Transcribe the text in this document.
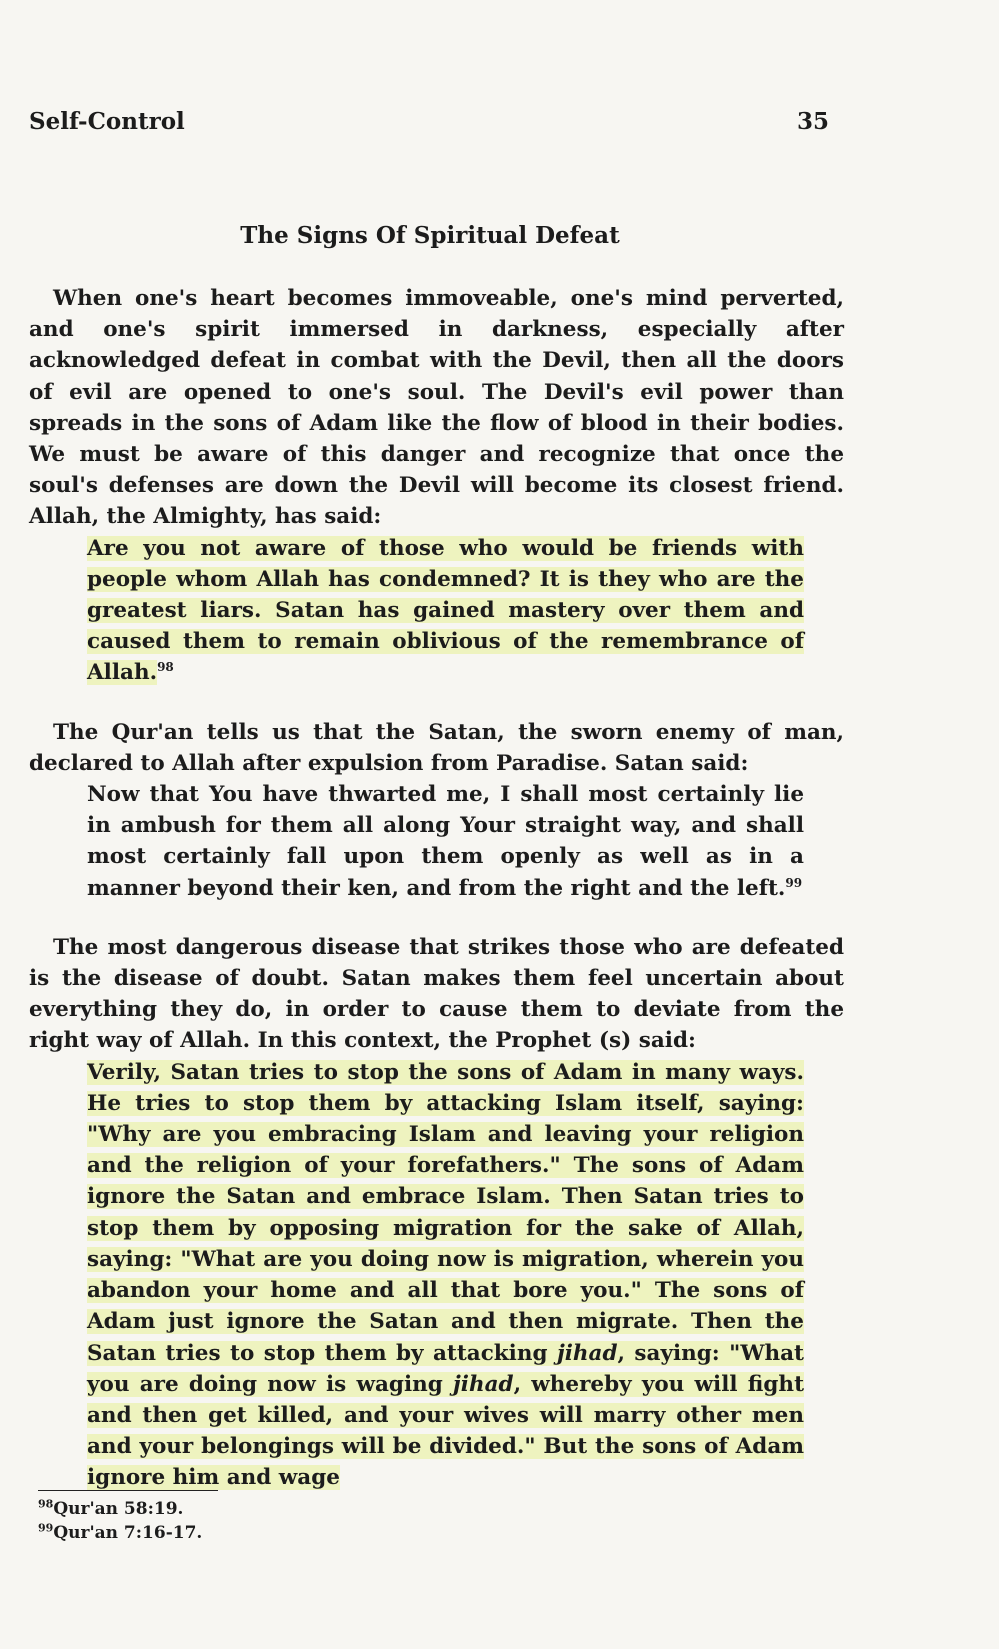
Self-Control	35
The Signs Of Spiritual Defeat

When one's heart becomes immoveable, one's mind perverted, and one's spirit immersed in darkness, especially after acknowledged defeat in combat with the Devil, then all the doors of evil are opened to one's soul. The Devil's evil power than spreads in the sons of Adam like the flow of blood in their bodies. We must be aware of this danger and recognize that once the soul's defenses are down the Devil will become its closest friend. Allah, the Almighty, has said:

Are you not aware of those who would be friends with people whom Allah has condemned? It is they who are the greatest liars. Satan has gained mastery over them and caused them to remain oblivious of the remembrance of Allah.$^{98}$

The Qur'an tells us that the Satan, the sworn enemy of man, declared to Allah after expulsion from Paradise. Satan said:

Now that You have thwarted me, I shall most certainly lie in ambush for them all along Your straight way, and shall most certainly fall upon them openly as well as in a manner beyond their ken, and from the right and the left.$^{99}$

The most dangerous disease that strikes those who are defeated is the disease of doubt. Satan makes them feel uncertain about everything they do, in order to cause them to deviate from the right way of Allah. In this context, the Prophet (s) said:

Verily, Satan tries to stop the sons of Adam in many ways. He tries to stop them by attacking Islam itself, saying: "Why are you embracing Islam and leaving your religion and the religion of your forefathers." The sons of Adam ignore the Satan and embrace Islam. Then Satan tries to stop them by opposing migration for the sake of Allah, saying: "What are you doing now is migration, wherein you abandon your home and all that bore you." The sons of Adam just ignore the Satan and then migrate. Then the Satan tries to stop them by attacking jihad, saying: "What you are doing now is waging jihad, whereby you will fight and then get killed, and your wives will marry other men and your belongings will be divided." But the sons of Adam ignore him and wage
$^{98}$Qur'an 58:19.
$^{99}$Qur'an 7:16-17.
